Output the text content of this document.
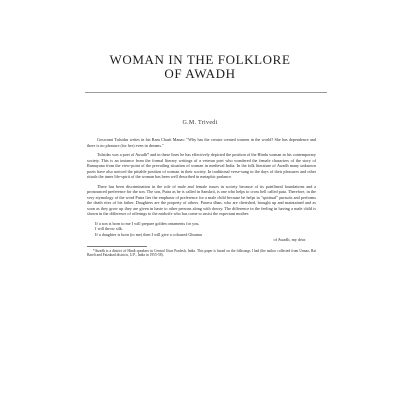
WOMAN IN THE FOLKLORE
OF AWADH
G.M. Trivedi

Goswami Tulsidas writes in his Ram Charit Manas: "Why has the creator created women in the world? She has dependence and there is no pleasure (for her) even in dreams."

Tulsidas was a poet of Awadh* and in these lines he has effectively depicted the position of the Hindu woman in his contemporary society. This is an instance from the formal literary writings of a veteran poet who wondered the female characters of the story of Ramayana from the view-point of the prevailing situation of woman in medieval India. In the folk literature of Awadh many unknown poets have also noticed the pitiable position of woman in their society. In traditional verse-sung in the days of their pleasures and other rituals the inner life-spirit of the woman has been well described in metaphic parlance.

There has been discrimination in the role of male and female issues in society because of its patrilineal foundations and a pronounced preference for the son. The son, Putra as he is called in Sanskrit, is one who helps to cross hell called puta. Therefore, in the very etymology of the word Putra lies the emphasis of preference for a male child because he helps in "spiritual" pursuits and performs the death rites of his father. Daughters are the property of others. Parava dhan, who are cherished, brought up and maintained and as soon as they grow up they are given in haste to other persons along with dowry. The difference in the feeling in having a male child is shown in the difference of offerings to the midwife who has come to assist the expectant mother:

If a son is born to me I will prepare golden ornaments for you,

I will throw silk.

If a daughter is born (to me) then I will give a coloured Ghunnu

of Awadh, my dear.

*Awadh is a district of Hindi speakers in Central Uttar Pradesh, India. This paper is based on the folksongs I had (the author collected from Unnao, Rai Bareli and Faizabad districts, U.P., India in 1955-58).
